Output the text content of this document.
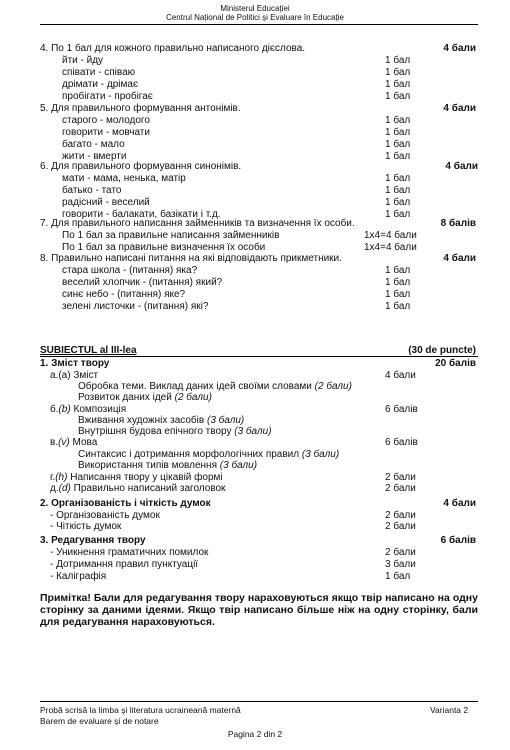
Ministerul Educației
Centrul Național de Politici și Evaluare în Educație
4. По 1 бал для кожного правильно написаного дієслова.	4 бали
йти - йду	1 бал
співати - співаю	1 бал
дрімати - дрімає	1 бал
пробігати - пробігає	1 бал
5. Для правильного формування антонімів.	4 бали
старого - молодого	1 бал
говорити - мовчати	1 бал
багато - мало	1 бал
жити - вмерти	1 бал
6. Для правильного формування синонімів.	4 бали
мати - мама, ненька, матір	1 бал
батько - тато	1 бал
радісний - веселий	1 бал
говорити - балакати, базікати і т.д.	1 бал
7. Для правильного написання займенників та визначення їх особи.	8 балів
По 1 бал за правильне написання займенників	1x4=4 бали
По 1 бал за правильне визначення їх особи	1x4=4 бали
8. Правильно написані питання на які відповідають прикметники.	4 бали
стара школа - (питання) яка?	1 бал
веселий хлопчик - (питання) який?	1 бал
синє небо - (питання) яке?	1 бал
зелені листочки - (питання) які?	1 бал
SUBIECTUL al III-lea	(30 de puncte)
1. Зміст твору	20 балів
а.(а) Зміст	4 бали
Обробка теми. Виклад даних ідей своїми словами (2 бали)
Розвиток даних ідей (2 бали)
б.(b) Композиція	6 балів
Вживання художніх засобів (3 бали)
Внутрішня будова епічного твору (3 бали)
в.(v) Мова	6 балів
Синтаксис і дотримання морфологічних правил (3 бали)
Використання типів мовлення (3 бали)
г.(h) Написання твору у цікавій формі	2 бали
д.(d) Правильно написаний заголовок	2 бали
2. Організованість і чіткість думок	4 бали
- Організованість думок	2 бали
- Чіткість думок	2 бали
3. Редагування твору	6 балів
- Уникнення граматичних помилок	2 бали
- Дотримання правил пунктуації	3 бали
- Каліграфія	1 бал
Примітка! Бали для редагування твору нараховуються якщо твір написано на одну сторінку за даними ідеями. Якщо твір написано більше ніж на одну сторінку, бали для редагування нараховуються.
Probă scrisă la limba și literatura ucraineană maternă
Barem de evaluare și de notare
Varianta 2
Pagina 2 din 2
